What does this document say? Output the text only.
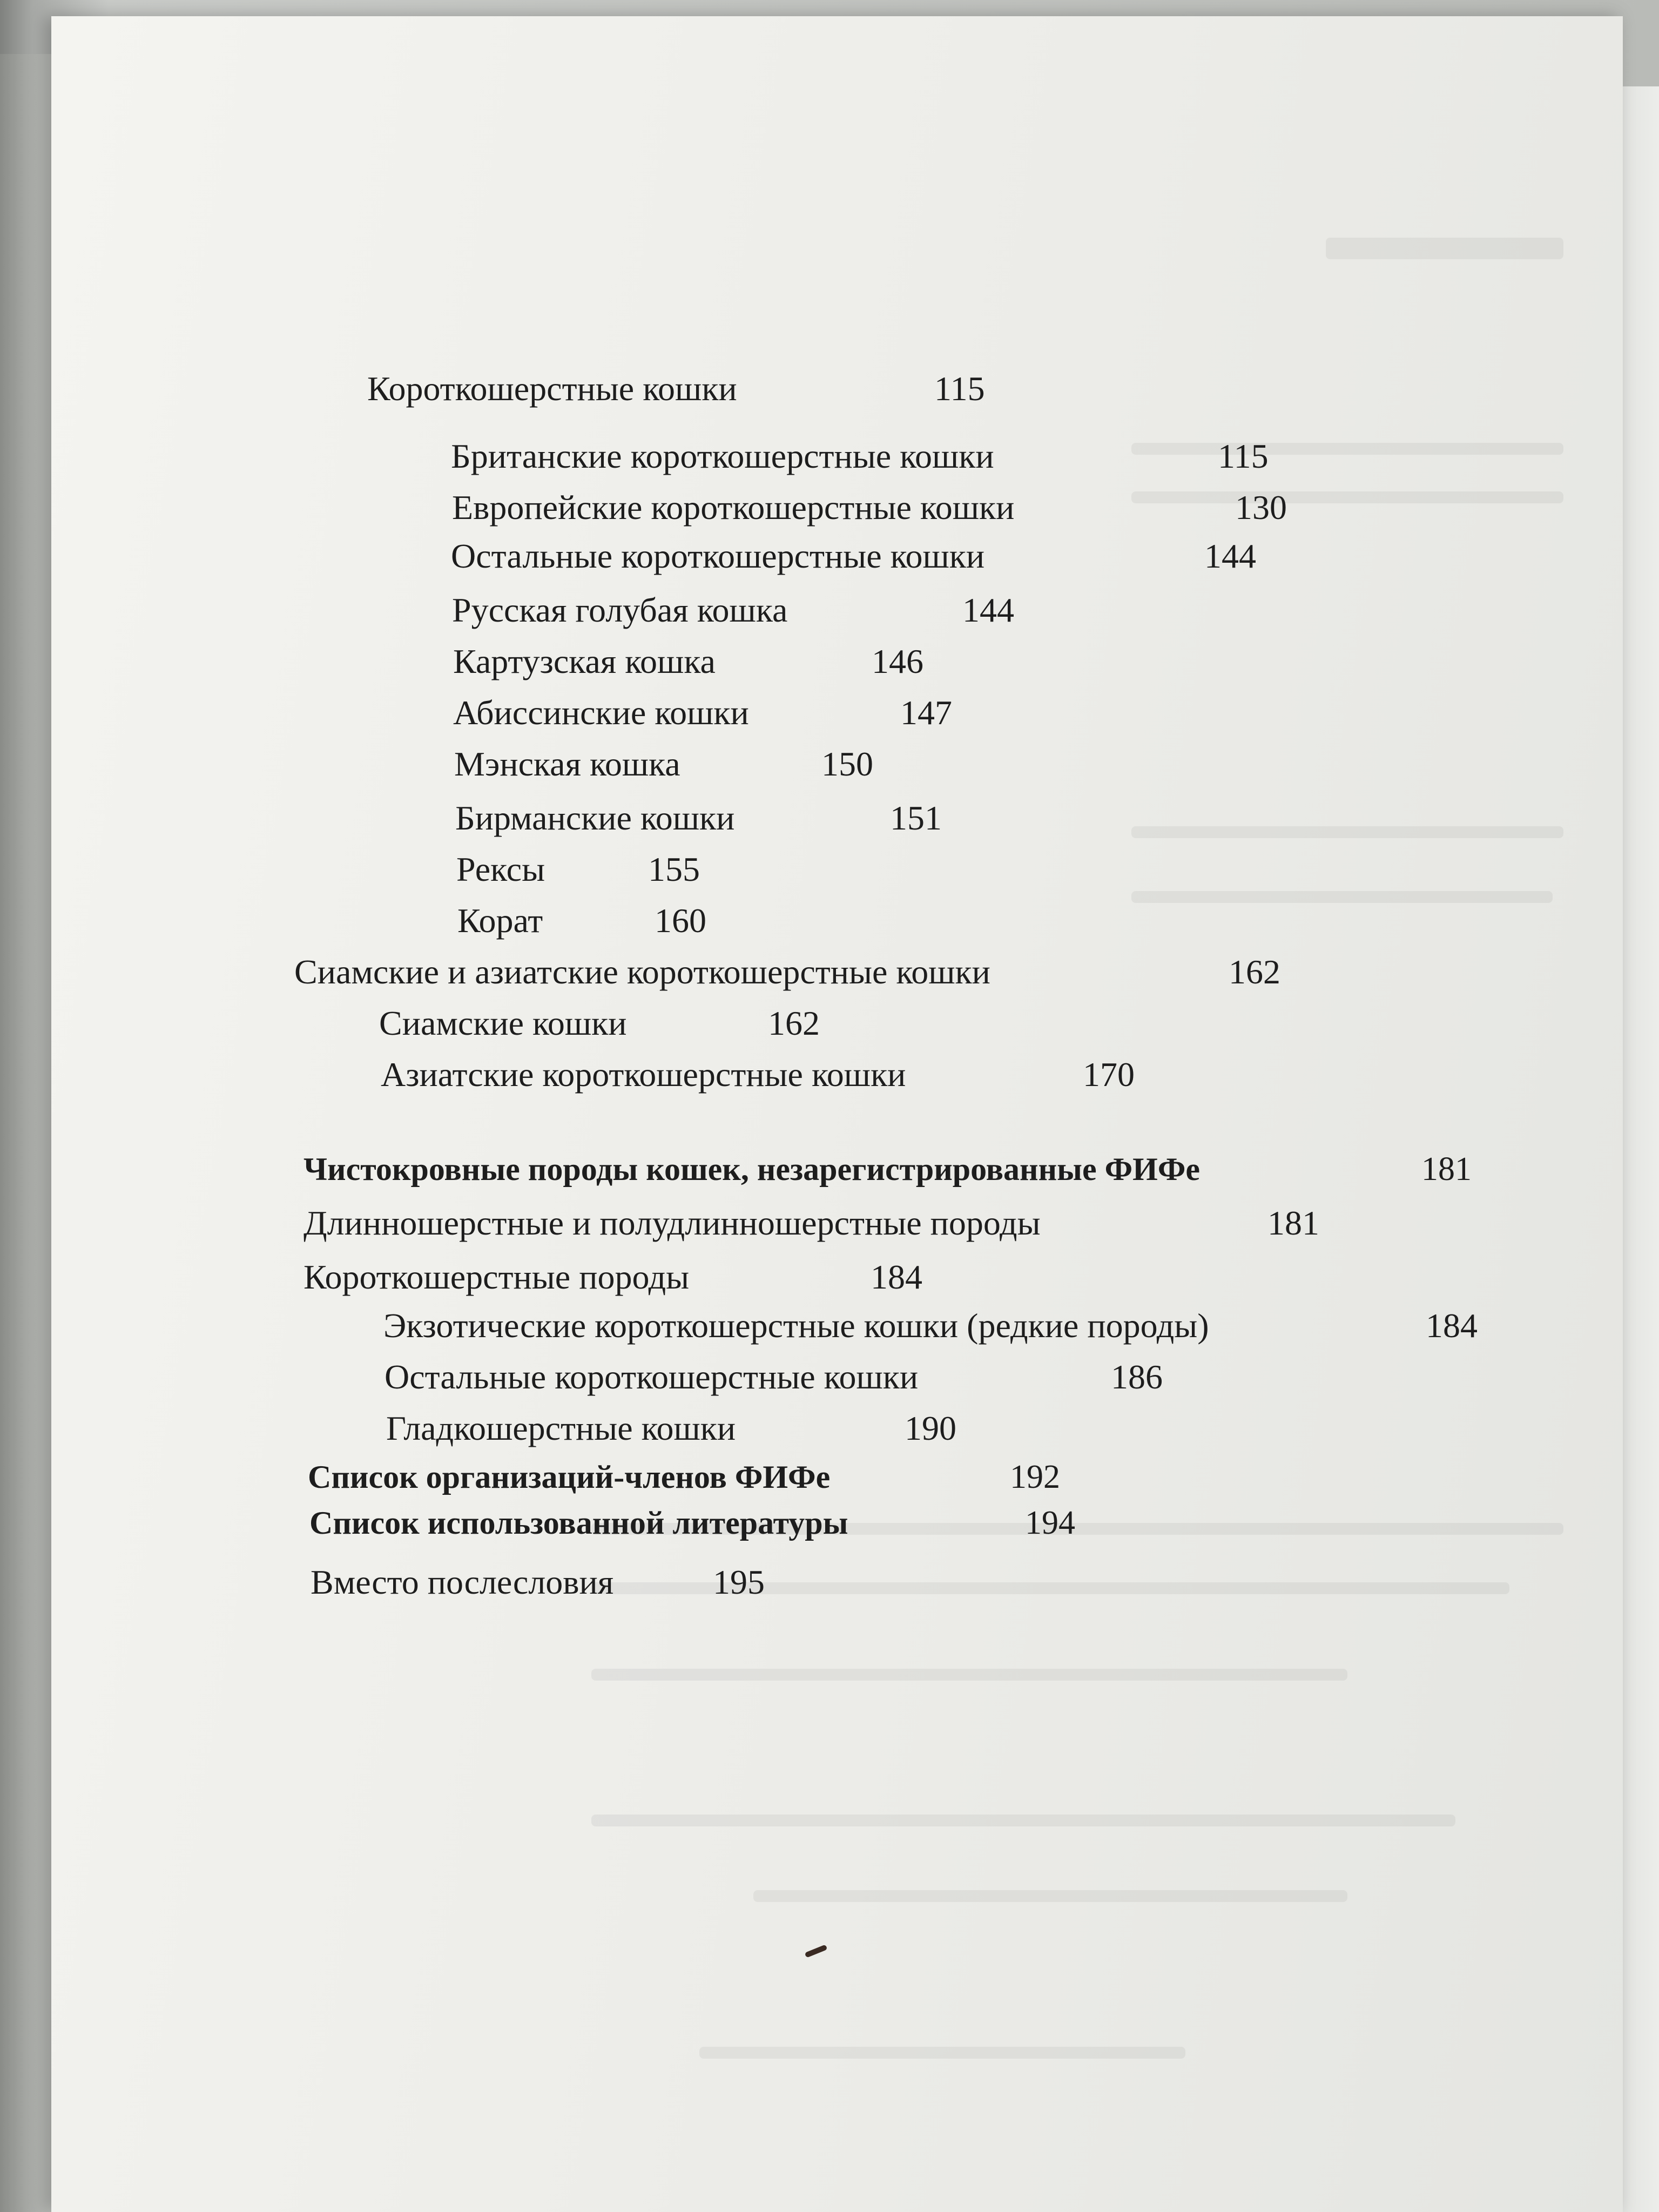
Короткошерстные кошки	115
Британские короткошерстные кошки	115
Европейские короткошерстные кошки	130
Остальные короткошерстные кошки	144
Русская голубая кошка	144
Картузская кошка	146
Абиссинские кошки	147
Мэнская кошка	150
Бирманские кошки	151
Рексы	155
Корат	160
Сиамские и азиатские короткошерстные кошки	162
Сиамские кошки	162
Азиатские короткошерстные кошки	170
Чистокровные породы кошек, незарегистрированные ФИФе	181
Длинношерстные и полудлинношерстные породы	181
Короткошерстные породы	184
Экзотические короткошерстные кошки (редкие породы)	184
Остальные короткошерстные кошки	186
Гладкошерстные кошки	190
Список организаций-членов ФИФе	192
Список использованной литературы	194
Вместо послесловия	195
